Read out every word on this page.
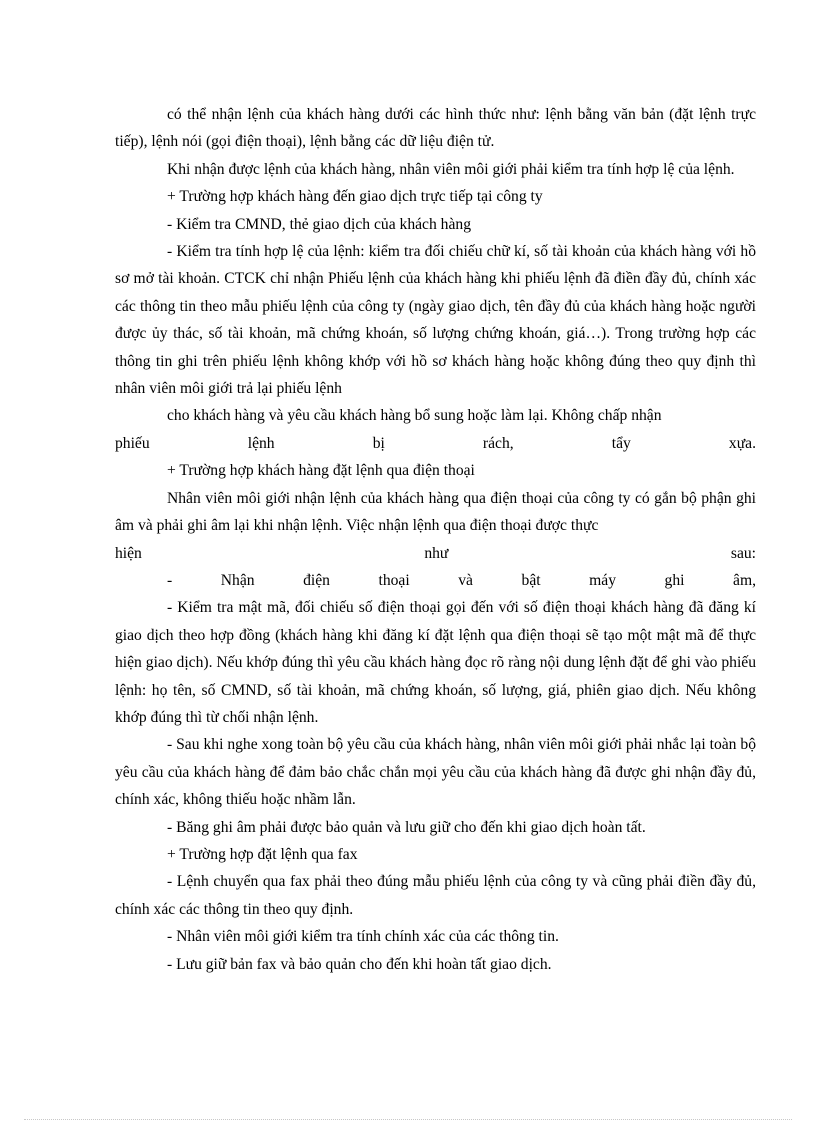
có thể nhận lệnh của khách hàng dưới các hình thức như: lệnh bằng văn bản (đặt lệnh trực tiếp), lệnh nói (gọi điện thoại), lệnh bằng các dữ liệu điện tử.

Khi nhận được lệnh của khách hàng, nhân viên môi giới phải kiểm tra tính hợp lệ của lệnh.

+ Trường hợp khách hàng đến giao dịch trực tiếp tại công ty

- Kiểm tra CMND, thẻ giao dịch của khách hàng

- Kiểm tra tính hợp lệ của lệnh: kiểm tra đối chiếu chữ kí, số tài khoản của khách hàng với hồ sơ mở tài khoản. CTCK chỉ nhận Phiếu lệnh của khách hàng khi phiếu lệnh đã điền đầy đủ, chính xác các thông tin theo mẫu phiếu lệnh của công ty (ngày giao dịch, tên đầy đủ của khách hàng hoặc người được ủy thác, số tài khoản, mã chứng khoán, số lượng chứng khoán, giá…). Trong trường hợp các thông tin ghi trên phiếu lệnh không khớp với hồ sơ khách hàng hoặc không đúng theo quy định thì nhân viên môi giới trả lại phiếu lệnh

cho khách hàng và yêu cầu khách hàng bổ sung hoặc làm lại. Không chấp nhận

phiếu lệnh bị rách, tẩy xựa.

+ Trường hợp khách hàng đặt lệnh qua điện thoại

Nhân viên môi giới nhận lệnh của khách hàng qua điện thoại của công ty có gắn bộ phận ghi âm và phải ghi âm lại khi nhận lệnh. Việc nhận lệnh qua điện thoại được thực

hiện như sau:

- Nhận điện thoại và bật máy ghi âm,

- Kiểm tra mật mã, đối chiếu số điện thoại gọi đến với số điện thoại khách hàng đã đăng kí giao dịch theo hợp đồng (khách hàng khi đăng kí đặt lệnh qua điện thoại sẽ tạo một mật mã để thực hiện giao dịch). Nếu khớp đúng thì yêu cầu khách hàng đọc rõ ràng nội dung lệnh đặt để ghi vào phiếu lệnh: họ tên, số CMND, số tài khoản, mã chứng khoán, số lượng, giá, phiên giao dịch. Nếu không khớp đúng thì từ chối nhận lệnh.

- Sau khi nghe xong toàn bộ yêu cầu của khách hàng, nhân viên môi giới phải nhắc lại toàn bộ yêu cầu của khách hàng để đảm bảo chắc chắn mọi yêu cầu của khách hàng đã được ghi nhận đầy đủ, chính xác, không thiếu hoặc nhầm lẫn.

- Băng ghi âm phải được bảo quản và lưu giữ cho đến khi giao dịch hoàn tất.

+ Trường hợp đặt lệnh qua fax

- Lệnh chuyển qua fax phải theo đúng mẫu phiếu lệnh của công ty và cũng phải điền đầy đủ, chính xác các thông tin theo quy định.

- Nhân viên môi giới kiểm tra tính chính xác của các thông tin.

- Lưu giữ bản fax và bảo quản cho đến khi hoàn tất giao dịch.
